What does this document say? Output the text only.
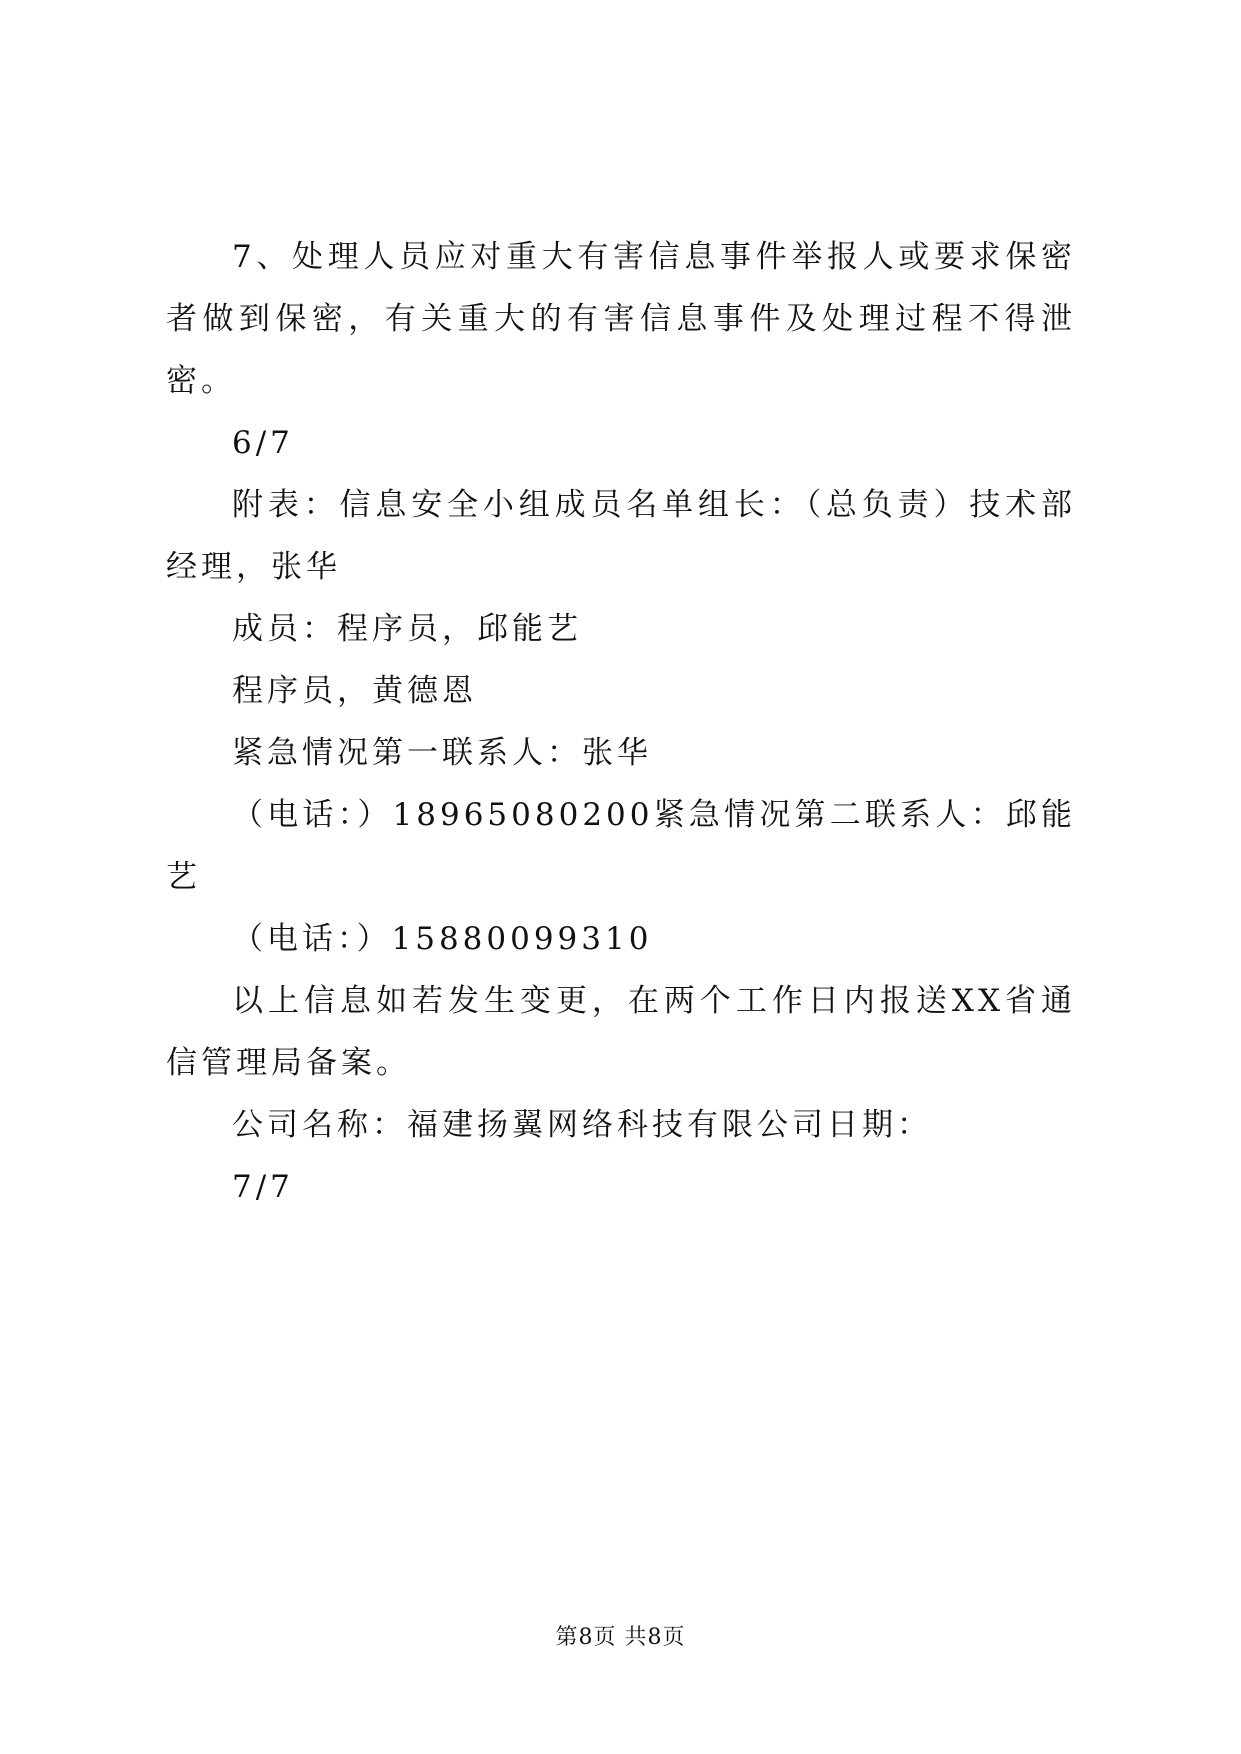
7、处理人员应对重大有害信息事件举报人或要求保密者做到保密，有关重大的有害信息事件及处理过程不得泄密。

6/7

附表：信息安全小组成员名单组长：（总负责）技术部经理，张华

成员：程序员，邱能艺

程序员，黄德恩

紧急情况第一联系人：张华

（电话：）18965080200紧急情况第二联系人：邱能艺

（电话：）15880099310

以上信息如若发生变更，在两个工作日内报送XX省通信管理局备案。

公司名称：福建扬翼网络科技有限公司日期：

7/7

第8页 共8页
